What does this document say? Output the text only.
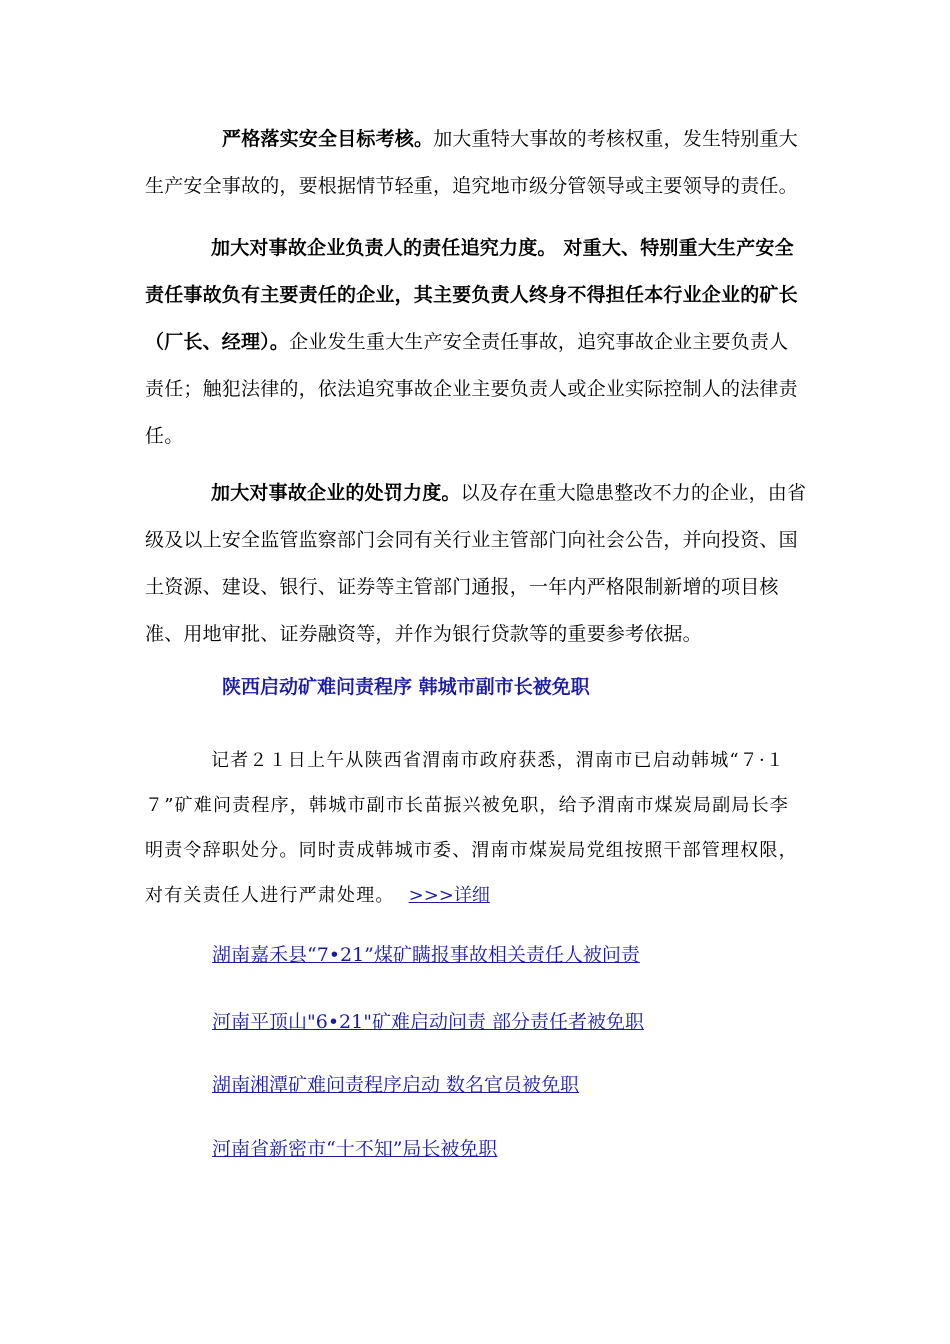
严格落实安全目标考核。加大重特大事故的考核权重，发生特别重大生产安全事故的，要根据情节轻重，追究地市级分管领导或主要领导的责任。

加大对事故企业负责人的责任追究力度。 对重大、特别重大生产安全责任事故负有主要责任的企业，其主要负责人终身不得担任本行业企业的矿长（厂长、经理）。企业发生重大生产安全责任事故，追究事故企业主要负责人责任；触犯法律的，依法追究事故企业主要负责人或企业实际控制人的法律责任。

加大对事故企业的处罚力度。以及存在重大隐患整改不力的企业，由省级及以上安全监管监察部门会同有关行业主管部门向社会公告，并向投资、国土资源、建设、银行、证券等主管部门通报，一年内严格限制新增的项目核准、用地审批、证券融资等，并作为银行贷款等的重要参考依据。

陕西启动矿难问责程序 韩城市副市长被免职

记者２１日上午从陕西省渭南市政府获悉，渭南市已启动韩城“７·１７”矿难问责程序，韩城市副市长苗振兴被免职，给予渭南市煤炭局副局长李明责令辞职处分。同时责成韩城市委、渭南市煤炭局党组按照干部管理权限，对有关责任人进行严肃处理。 >>>详细

湖南嘉禾县“7•21”煤矿瞒报事故相关责任人被问责
河南平顶山"6•21"矿难启动问责 部分责任者被免职
湖南湘潭矿难问责程序启动 数名官员被免职
河南省新密市“十不知”局长被免职
